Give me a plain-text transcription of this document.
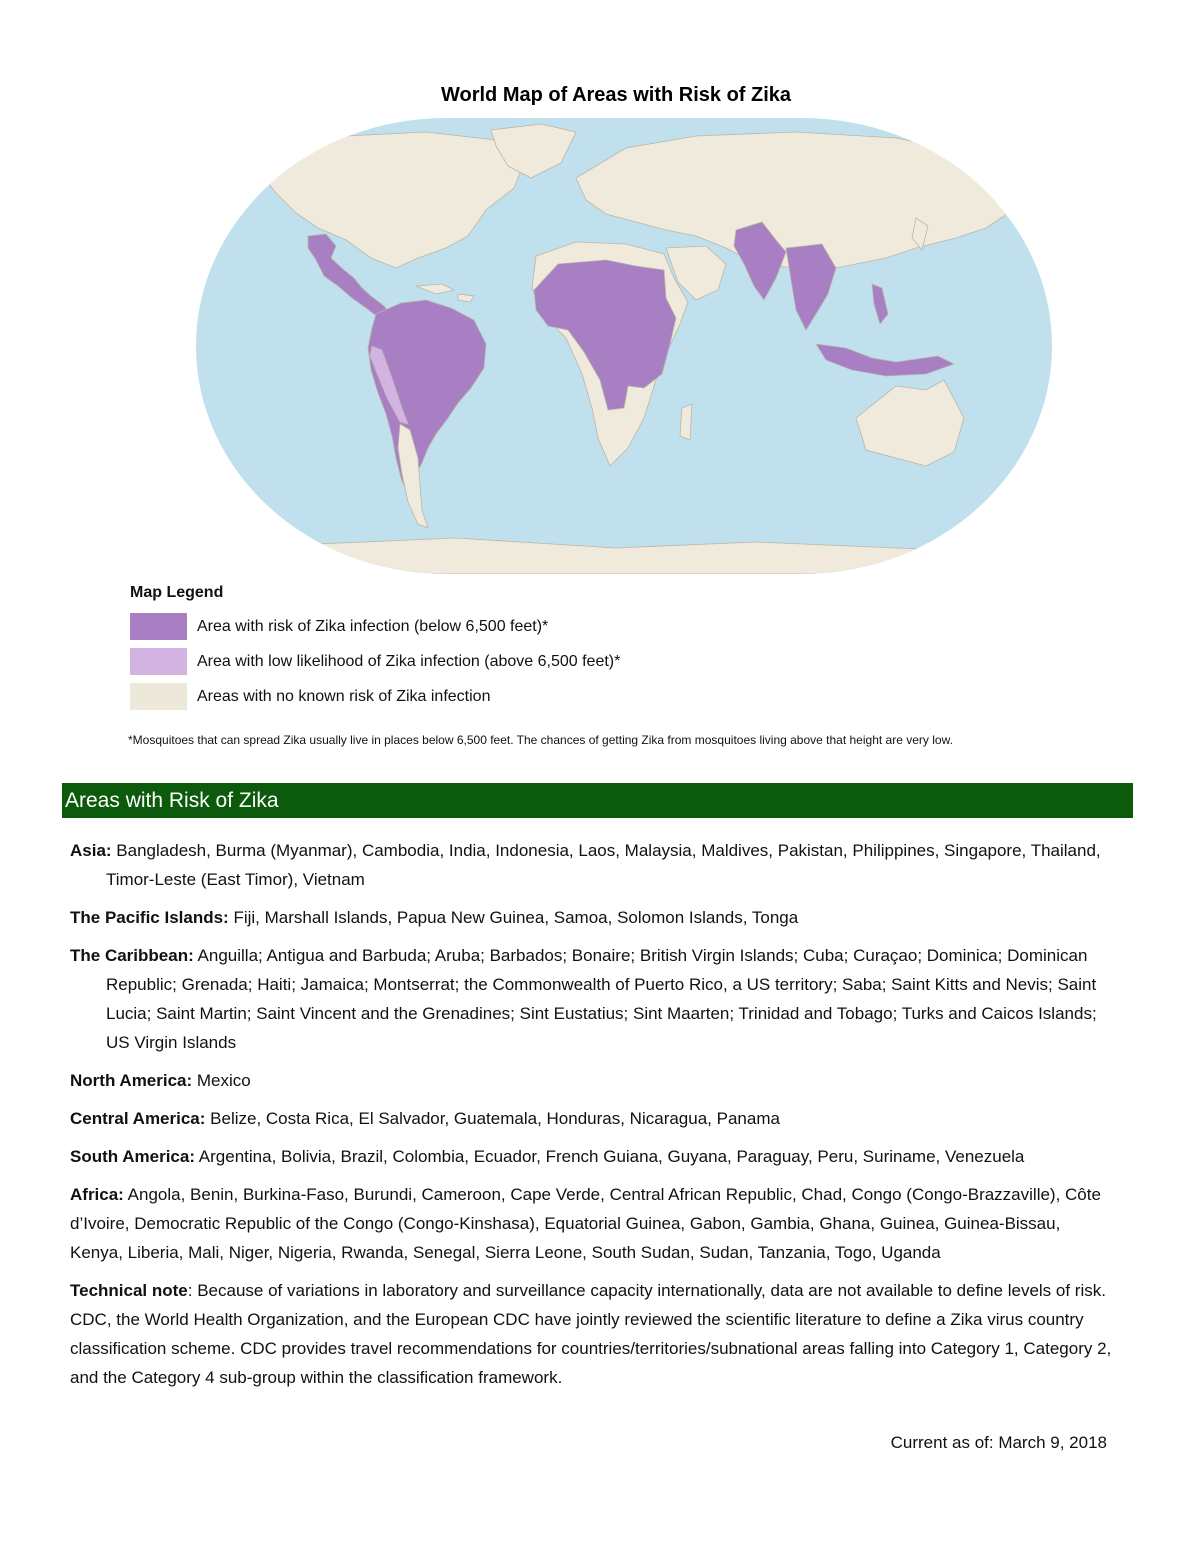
World Map of Areas with Risk of Zika
Map Legend
Area with risk of Zika infection (below 6,500 feet)*
Area with low likelihood of Zika infection (above 6,500 feet)*
Areas with no known risk of Zika infection
*Mosquitoes that can spread Zika usually live in places below 6,500 feet. The chances of getting Zika from mosquitoes living above that height are very low.
Areas with Risk of Zika

Asia: Bangladesh, Burma (Myanmar), Cambodia, India, Indonesia, Laos, Malaysia, Maldives, Pakistan, Philippines, Singapore, Thailand, Timor-Leste (East Timor), Vietnam

The Pacific Islands: Fiji, Marshall Islands, Papua New Guinea, Samoa, Solomon Islands, Tonga

The Caribbean: Anguilla; Antigua and Barbuda; Aruba; Barbados; Bonaire; British Virgin Islands; Cuba; Curaçao; Dominica; Dominican Republic; Grenada; Haiti; Jamaica; Montserrat; the Commonwealth of Puerto Rico, a US territory; Saba; Saint Kitts and Nevis; Saint Lucia; Saint Martin; Saint Vincent and the Grenadines; Sint Eustatius; Sint Maarten; Trinidad and Tobago; Turks and Caicos Islands; US Virgin Islands

North America: Mexico

Central America: Belize, Costa Rica, El Salvador, Guatemala, Honduras, Nicaragua, Panama

South America: Argentina, Bolivia, Brazil, Colombia, Ecuador, French Guiana, Guyana, Paraguay, Peru, Suriname, Venezuela

Africa: Angola, Benin, Burkina-Faso, Burundi, Cameroon, Cape Verde, Central African Republic, Chad, Congo (Congo-Brazzaville), Côte d’Ivoire, Democratic Republic of the Congo (Congo-Kinshasa), Equatorial Guinea, Gabon, Gambia, Ghana, Guinea, Guinea-Bissau, Kenya, Liberia, Mali, Niger, Nigeria, Rwanda, Senegal, Sierra Leone, South Sudan, Sudan, Tanzania, Togo, Uganda

Technical note: Because of variations in laboratory and surveillance capacity internationally, data are not available to define levels of risk. CDC, the World Health Organization, and the European CDC have jointly reviewed the scientific literature to define a Zika virus country classification scheme. CDC provides travel recommendations for countries/territories/subnational areas falling into Category 1, Category 2, and the Category 4 sub-group within the classification framework.

Current as of: March 9, 2018
